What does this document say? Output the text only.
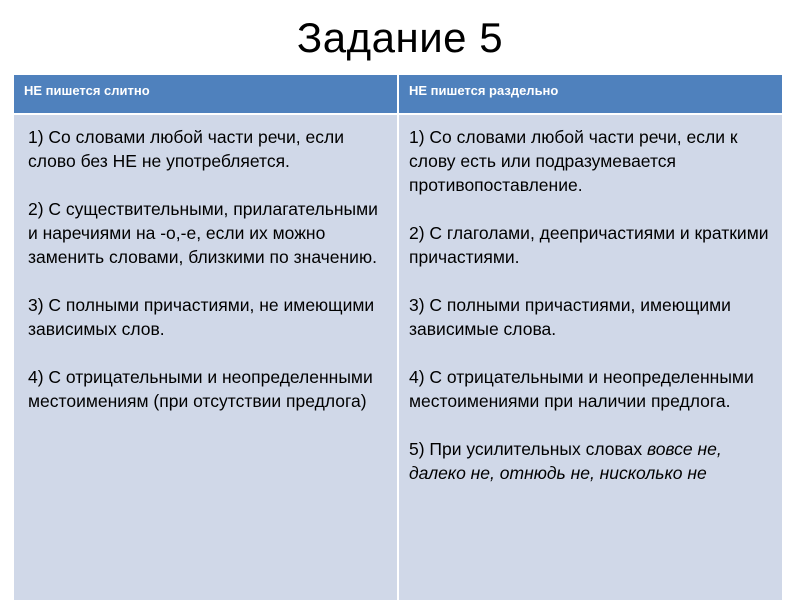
Задание 5
НЕ пишется слитно	НЕ пишется раздельно
1) Со словами любой части речи, если слово без НЕ не употребляется.
2) С существительными, прилагательными и наречиями на -о,-е, если их можно заменить словами, близкими по значению.
3) С полными причастиями, не имеющими зависимых слов.
4) С отрицательными и неопределенными местоимениям (при отсутствии предлога)
1) Со словами любой части речи, если к слову есть или подразумевается противопоставление.
2) С глаголами, деепричастиями и краткими причастиями.
3) С полными причастиями, имеющими зависимые слова.
4) С отрицательными и неопределенными местоимениями при наличии предлога.
5) При усилительных словах вовсе не, далеко не, отнюдь не, нисколько не
